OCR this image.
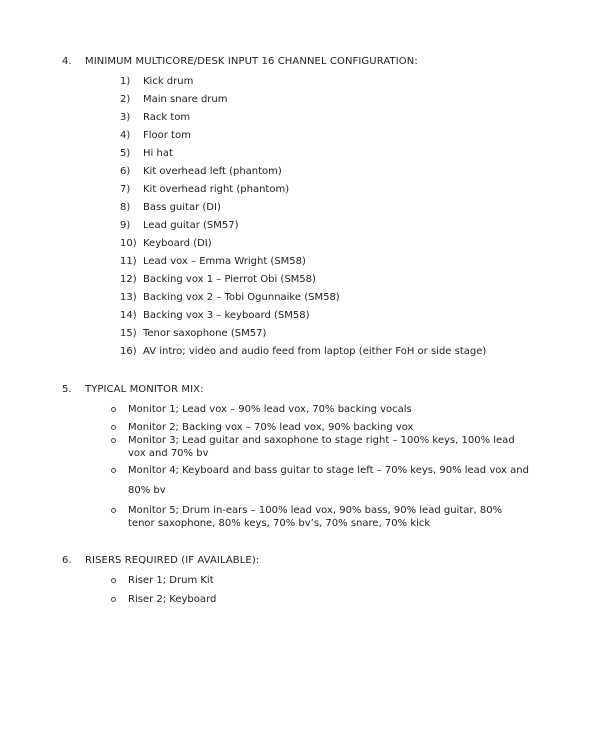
4.	MINIMUM MULTICORE/DESK INPUT 16 CHANNEL CONFIGURATION:
1)	Kick drum
2)	Main snare drum
3)	Rack tom
4)	Floor tom
5)	Hi hat
6)	Kit overhead left (phantom)
7)	Kit overhead right (phantom)
8)	Bass guitar (DI)
9)	Lead guitar (SM57)
10) Keyboard (DI)
11) Lead vox – Emma Wright (SM58)
12) Backing vox 1 – Pierrot Obi (SM58)
13) Backing vox 2 – Tobi Ogunnaike (SM58)
14) Backing vox 3 – keyboard (SM58)
15) Tenor saxophone (SM57)
16) AV intro; video and audio feed from laptop (either FoH or side stage)
5.	TYPICAL MONITOR MIX:
Monitor 1; Lead vox – 90% lead vox, 70% backing vocals
Monitor 2; Backing vox – 70% lead vox, 90% backing vox
Monitor 3; Lead guitar and saxophone to stage right – 100% keys, 100% lead
vox and 70% bv
Monitor 4; Keyboard and bass guitar to stage left – 70% keys, 90% lead vox and
80% bv
Monitor 5; Drum in-ears – 100% lead vox, 90% bass, 90% lead guitar, 80%
tenor saxophone, 80% keys, 70% bv’s, 70% snare, 70% kick
6.	RISERS REQUIRED (IF AVAILABLE):
Riser 1; Drum Kit
Riser 2; Keyboard
